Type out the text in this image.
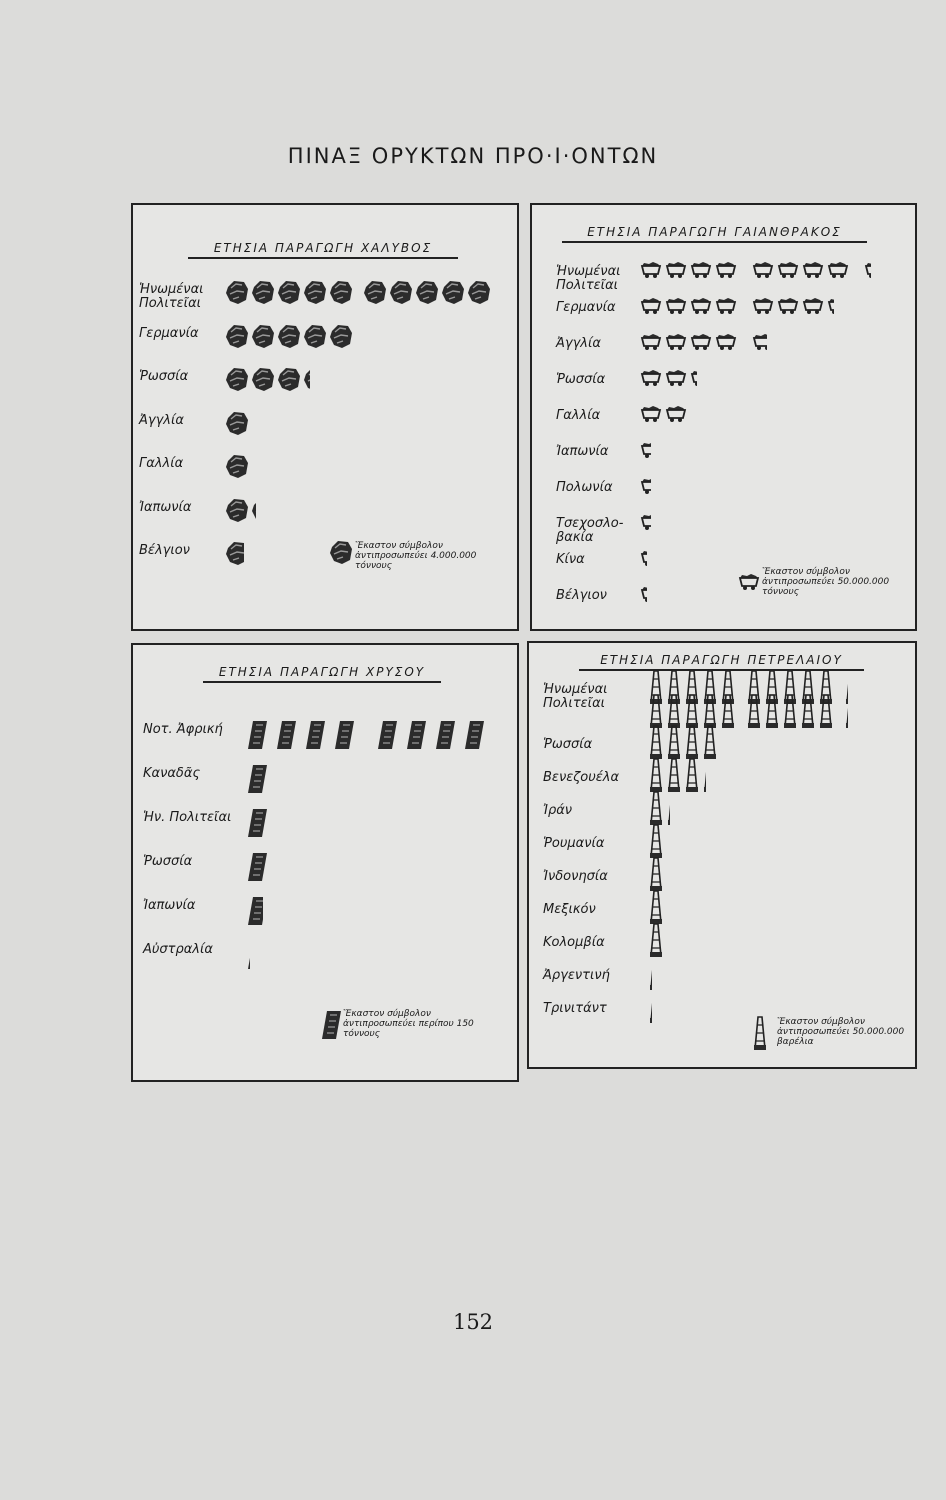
ΠΙΝΑΞ ΟΡΥΚΤΩΝ ΠΡΟ·Ι·ΟΝΤΩΝ
ΕΤΗΣΙΑ ΠΑΡΑΓΩΓΗ ΧΑΛΥΒΟΣ
Ἡνωμέναι
Πολιτεῖαι
Γερμανία
Ῥωσσία
Ἀγγλία
Γαλλία
Ἰαπωνία
Βέλγιον	Ἕκαστον σύμβολον ἀντιπροσωπεύει 4.000.000 τόννους
ΕΤΗΣΙΑ ΠΑΡΑΓΩΓΗ ΓΑΙΑΝΘΡΑΚΟΣ
Ἡνωμέναι
Πολιτεῖαι
Γερμανία
Ἀγγλία
Ῥωσσία
Γαλλία
Ἰαπωνία
Πολωνία
Τσεχοσλο-
βακία
Κίνα
Βέλγιον
Ἕκαστον σύμβολον ἀντιπροσωπεύει 50.000.000 τόννους
ΕΤΗΣΙΑ ΠΑΡΑΓΩΓΗ ΧΡΥΣΟΥ
Νοτ. Ἀφρική
Καναδᾶς
Ἡν. Πολιτεῖαι
Ῥωσσία
Ἰαπωνία
Αὐστραλία
Ἕκαστον σύμβολον ἀντιπροσωπεύει περίπου 150 τόννους
ΕΤΗΣΙΑ ΠΑΡΑΓΩΓΗ ΠΕΤΡΕΛΑΙΟΥ
Ἡνωμέναι
Πολιτεῖαι
Ῥωσσία
Βενεζουέλα
Ἰράν
Ῥουμανία
Ἰνδονησία
Μεξικόν
Κολομβία
Ἀργεντινή
Τρινιτάντ
Ἕκαστον σύμβολον ἀντιπροσωπεύει 50.000.000 βαρέλια
152
